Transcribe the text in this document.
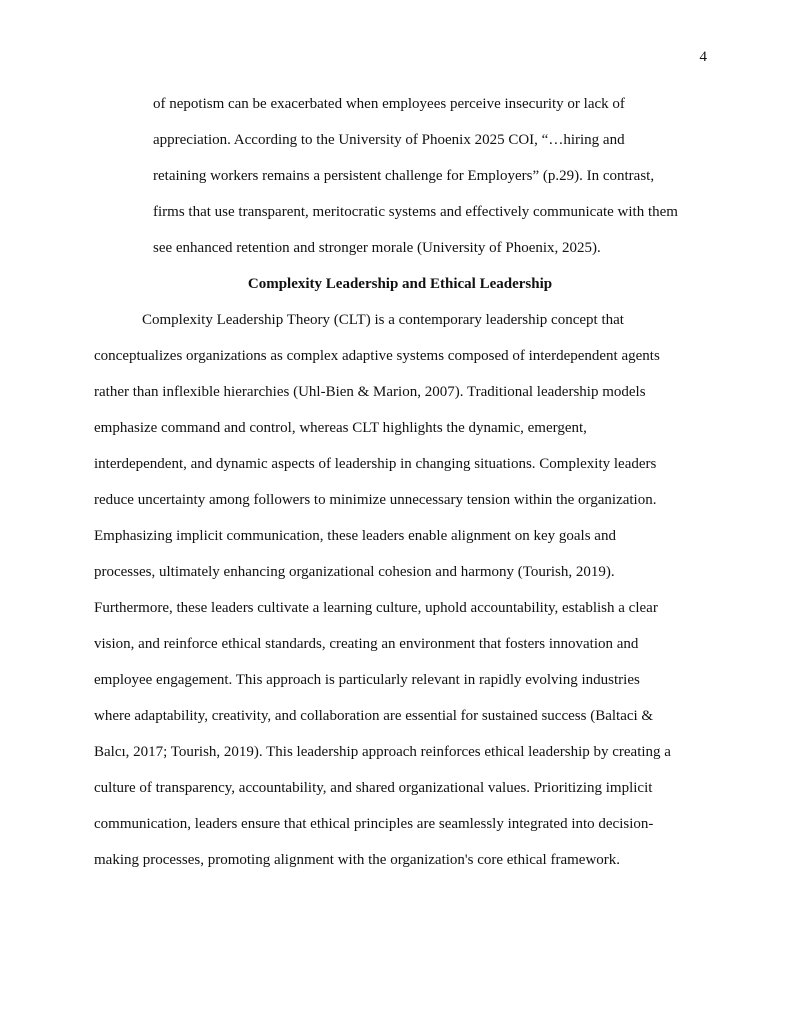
4
of nepotism can be exacerbated when employees perceive insecurity or lack of
appreciation. According to the University of Phoenix 2025 COI, “…hiring and
retaining workers remains a persistent challenge for Employers” (p.29). In contrast,
firms that use transparent, meritocratic systems and effectively communicate with them
see enhanced retention and stronger morale (University of Phoenix, 2025).
Complexity Leadership and Ethical Leadership
Complexity Leadership Theory (CLT) is a contemporary leadership concept that
conceptualizes organizations as complex adaptive systems composed of interdependent agents
rather than inflexible hierarchies (Uhl-Bien & Marion, 2007). Traditional leadership models
emphasize command and control, whereas CLT highlights the dynamic, emergent,
interdependent, and dynamic aspects of leadership in changing situations. Complexity leaders
reduce uncertainty among followers to minimize unnecessary tension within the organization.
Emphasizing implicit communication, these leaders enable alignment on key goals and
processes, ultimately enhancing organizational cohesion and harmony (Tourish, 2019).
Furthermore, these leaders cultivate a learning culture, uphold accountability, establish a clear
vision, and reinforce ethical standards, creating an environment that fosters innovation and
employee engagement. This approach is particularly relevant in rapidly evolving industries
where adaptability, creativity, and collaboration are essential for sustained success (Baltaci &
Balcı, 2017; Tourish, 2019). This leadership approach reinforces ethical leadership by creating a
culture of transparency, accountability, and shared organizational values. Prioritizing implicit
communication, leaders ensure that ethical principles are seamlessly integrated into decision-
making processes, promoting alignment with the organization's core ethical framework.
